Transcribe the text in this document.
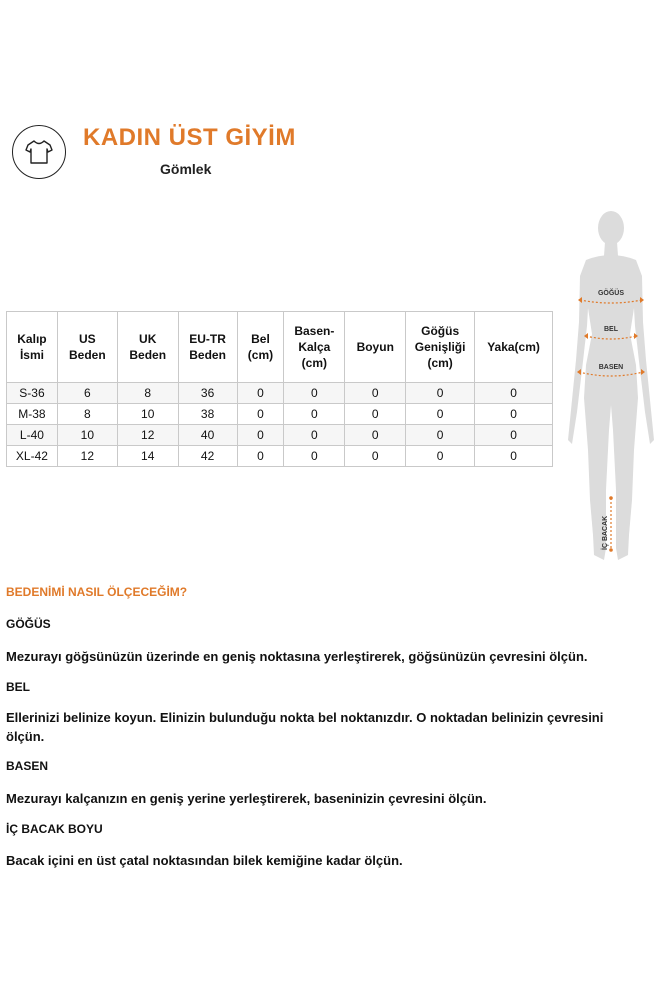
KADIN ÜST GİYİM
Gömlek
Kalıp İsmi	US Beden	UK Beden	EU-TR Beden	Bel (cm)	Basen-Kalça (cm)	Boyun	Göğüs Genişliği (cm)	Yaka(cm)
S-36	6	8	36	0	0	0	0	0
M-38	8	10	38	0	0	0	0	0
L-40	10	12	40	0	0	0	0	0
XL-42	12	14	42	0	0	0	0	0
GÖĞÜS
BEL
BASEN
İÇ BACAK
BEDENİMİ NASIL ÖLÇECEĞİM?
GÖĞÜS
Mezurayı göğsünüzün üzerinde en geniş noktasına yerleştirerek, göğsünüzün çevresini ölçün.
BEL
Ellerinizi belinize koyun. Elinizin bulunduğu nokta bel noktanızdır. O noktadan belinizin çevresini ölçün.
BASEN
Mezurayı kalçanızın en geniş yerine yerleştirerek, baseninizin çevresini ölçün.
İÇ BACAK BOYU
Bacak içini en üst çatal noktasından bilek kemiğine kadar ölçün.
